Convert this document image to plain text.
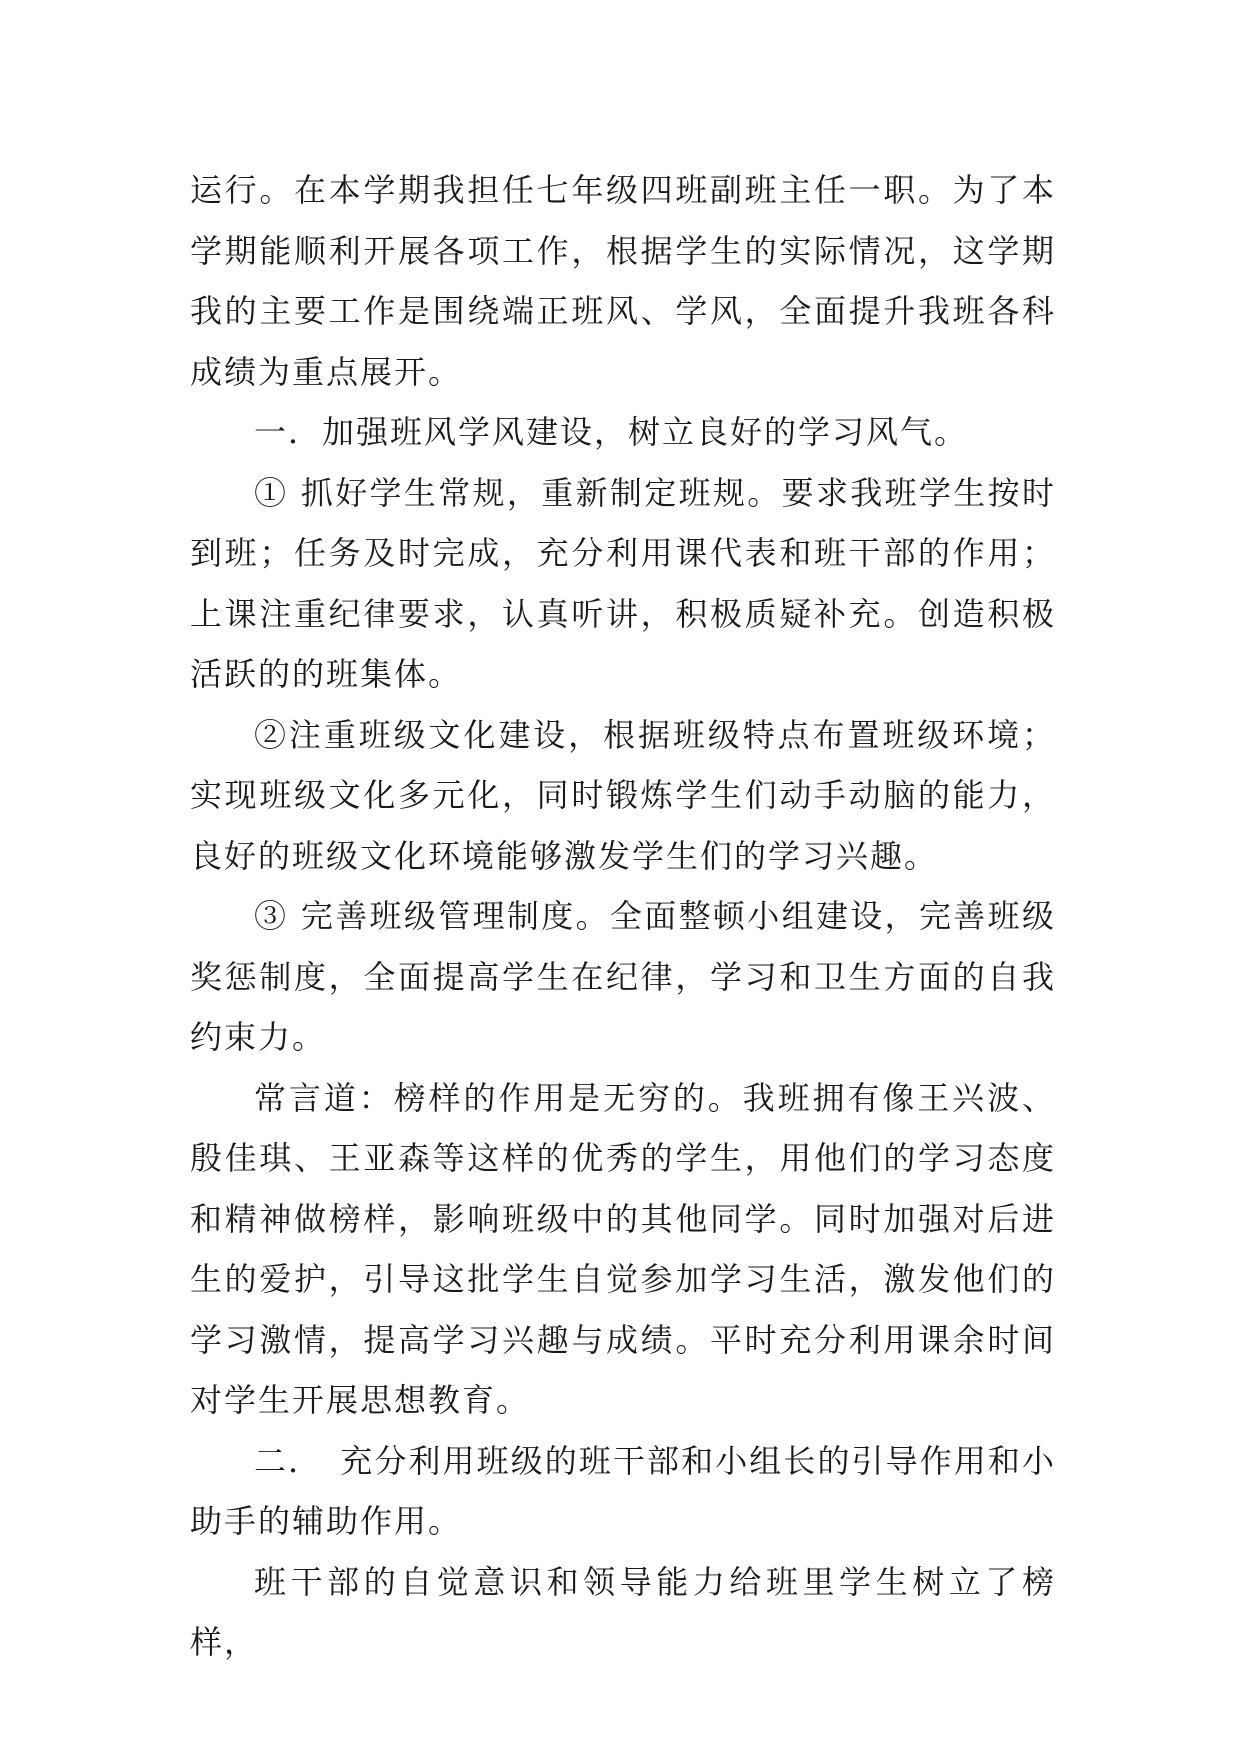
运行。在本学期我担任七年级四班副班主任一职。为了本学期能顺利开展各项工作，根据学生的实际情况，这学期我的主要工作是围绕端正班风、学风，全面提升我班各科成绩为重点展开。

一．加强班风学风建设，树立良好的学习风气。

① 抓好学生常规，重新制定班规。要求我班学生按时到班；任务及时完成，充分利用课代表和班干部的作用；上课注重纪律要求，认真听讲，积极质疑补充。创造积极活跃的的班集体。

②注重班级文化建设，根据班级特点布置班级环境；实现班级文化多元化，同时锻炼学生们动手动脑的能力，良好的班级文化环境能够激发学生们的学习兴趣。

③ 完善班级管理制度。全面整顿小组建设，完善班级奖惩制度，全面提高学生在纪律，学习和卫生方面的自我约束力。

常言道：榜样的作用是无穷的。我班拥有像王兴波、殷佳琪、王亚森等这样的优秀的学生，用他们的学习态度和精神做榜样，影响班级中的其他同学。同时加强对后进生的爱护，引导这批学生自觉参加学习生活，激发他们的学习激情，提高学习兴趣与成绩。平时充分利用课余时间对学生开展思想教育。

二．　充分利用班级的班干部和小组长的引导作用和小助手的辅助作用。

班干部的自觉意识和领导能力给班里学生树立了榜样，
